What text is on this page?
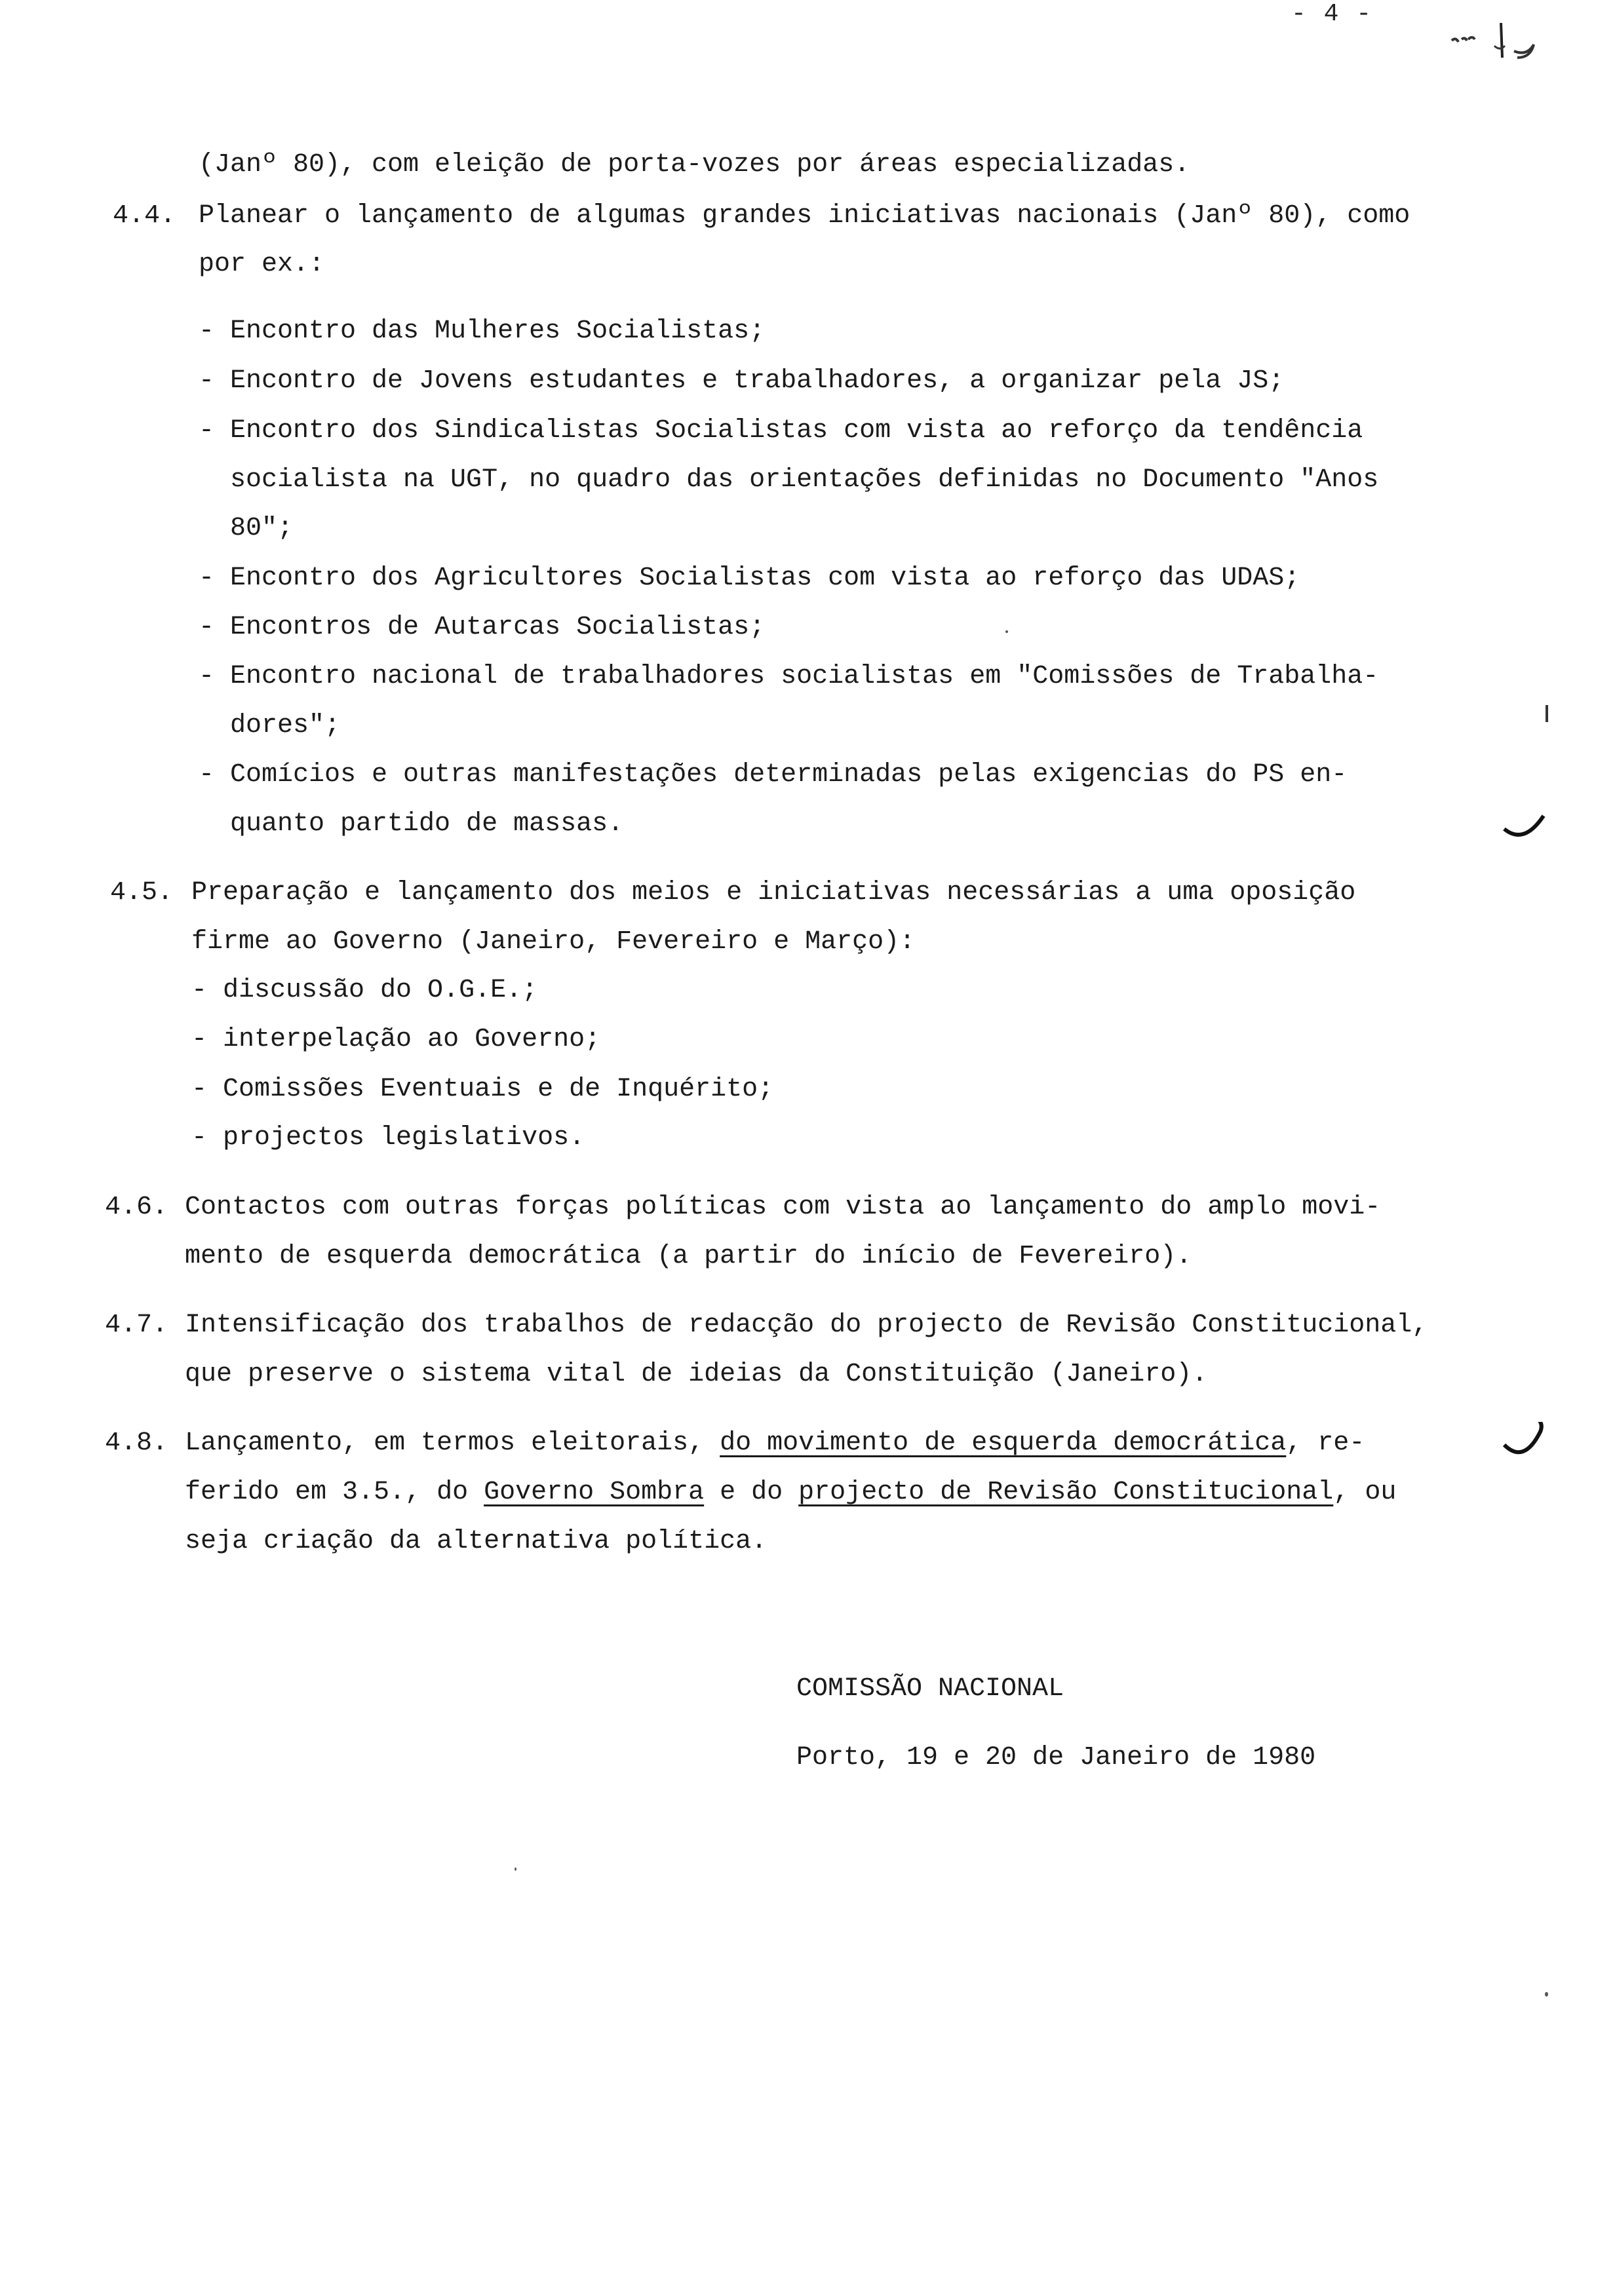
- 4 -
(Janº 80), com eleição de porta-vozes por áreas especializadas.
4.4. Planear o lançamento de algumas grandes iniciativas nacionais (Janº 80), como
por ex.:
- Encontro das Mulheres Socialistas;
- Encontro de Jovens estudantes e trabalhadores, a organizar pela JS;
- Encontro dos Sindicalistas Socialistas com vista ao reforço da tendência
socialista na UGT, no quadro das orientações definidas no Documento "Anos
80";
- Encontro dos Agricultores Socialistas com vista ao reforço das UDAS;
- Encontros de Autarcas Socialistas;
- Encontro nacional de trabalhadores socialistas em "Comissões de Trabalha-
dores";
- Comícios e outras manifestações determinadas pelas exigencias do PS en-
quanto partido de massas.
4.5. Preparação e lançamento dos meios e iniciativas necessárias a uma oposição
firme ao Governo (Janeiro, Fevereiro e Março):
- discussão do O.G.E.;
- interpelação ao Governo;
- Comissões Eventuais e de Inquérito;
- projectos legislativos.
4.6. Contactos com outras forças políticas com vista ao lançamento do amplo movi-
mento de esquerda democrática (a partir do início de Fevereiro).
4.7. Intensificação dos trabalhos de redacção do projecto de Revisão Constitucional,
que preserve o sistema vital de ideias da Constituição (Janeiro).
4.8. Lançamento, em termos eleitorais, do movimento de esquerda democrática, re-
ferido em 3.5., do Governo Sombra e do projecto de Revisão Constitucional, ou
seja criação da alternativa política.
COMISSÃO NACIONAL
Porto, 19 e 20 de Janeiro de 1980
